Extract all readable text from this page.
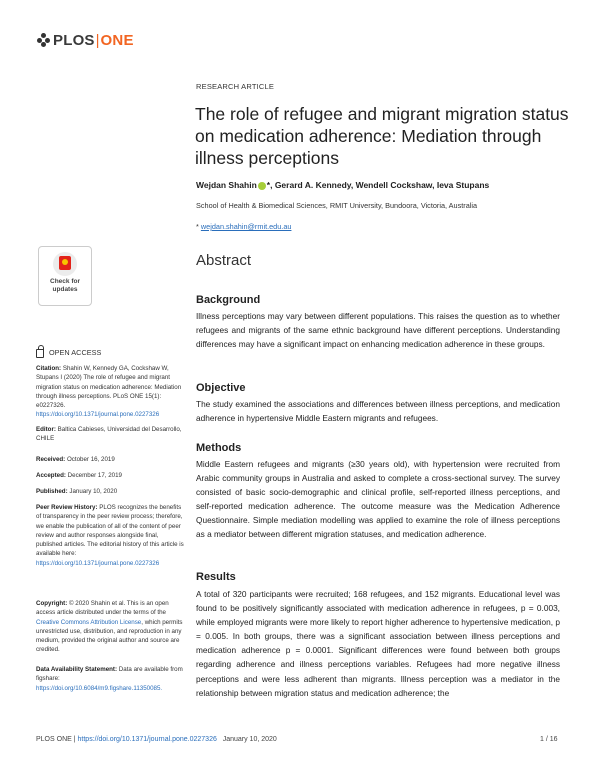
PLOS | ONE
RESEARCH ARTICLE
The role of refugee and migrant migration status on medication adherence: Mediation through illness perceptions
Wejdan Shahin *, Gerard A. Kennedy, Wendell Cockshaw, Ieva Stupans
School of Health & Biomedical Sciences, RMIT University, Bundoora, Victoria, Australia
* wejdan.shahin@rmit.edu.au
Abstract
Background
Illness perceptions may vary between different populations. This raises the question as to whether refugees and migrants of the same ethnic background have different perceptions. Understanding differences may have a significant impact on enhancing medication adherence in these groups.
Objective
The study examined the associations and differences between illness perceptions, and medication adherence in hypertensive Middle Eastern migrants and refugees.
Methods
Middle Eastern refugees and migrants (≥30 years old), with hypertension were recruited from Arabic community groups in Australia and asked to complete a cross-sectional survey. The survey consisted of basic socio-demographic and clinical profile, self-reported illness perceptions, and self-reported medication adherence. The outcome measure was the Medication Adherence Questionnaire. Simple mediation modelling was applied to examine the role of illness perceptions as a mediator between different migration statuses, and medication adherence.
Results
A total of 320 participants were recruited; 168 refugees, and 152 migrants. Educational level was found to be positively significantly associated with medication adherence in refugees, p = 0.003, while employed migrants were more likely to report higher adherence to hypertensive medication, p = 0.005. In both groups, there was a significant association between illness perceptions and medication adherence p = 0.0001. Significant differences were found between both groups regarding adherence and illness perceptions variables. Refugees had more negative illness perceptions and were less adherent than migrants. Illness perception was a mediator in the relationship between migration status and medication adherence; the
Check for
updates
OPEN ACCESS
Citation: Shahin W, Kennedy GA, Cockshaw W, Stupans I (2020) The role of refugee and migrant migration status on medication adherence: Mediation through illness perceptions. PLoS ONE 15(1): e0227326. https://doi.org/10.1371/journal.pone.0227326
Editor: Baltica Cabieses, Universidad del Desarrollo, CHILE
Received: October 16, 2019
Accepted: December 17, 2019
Published: January 10, 2020
Peer Review History: PLOS recognizes the benefits of transparency in the peer review process; therefore, we enable the publication of all of the content of peer review and author responses alongside final, published articles. The editorial history of this article is available here: https://doi.org/10.1371/journal.pone.0227326
Copyright: © 2020 Shahin et al. This is an open access article distributed under the terms of the Creative Commons Attribution License, which permits unrestricted use, distribution, and reproduction in any medium, provided the original author and source are credited.
Data Availability Statement: Data are available from figshare: https://doi.org/10.6084/m9.figshare.11350085.
PLOS ONE | https://doi.org/10.1371/journal.pone.0227326 January 10, 2020	1 / 16
